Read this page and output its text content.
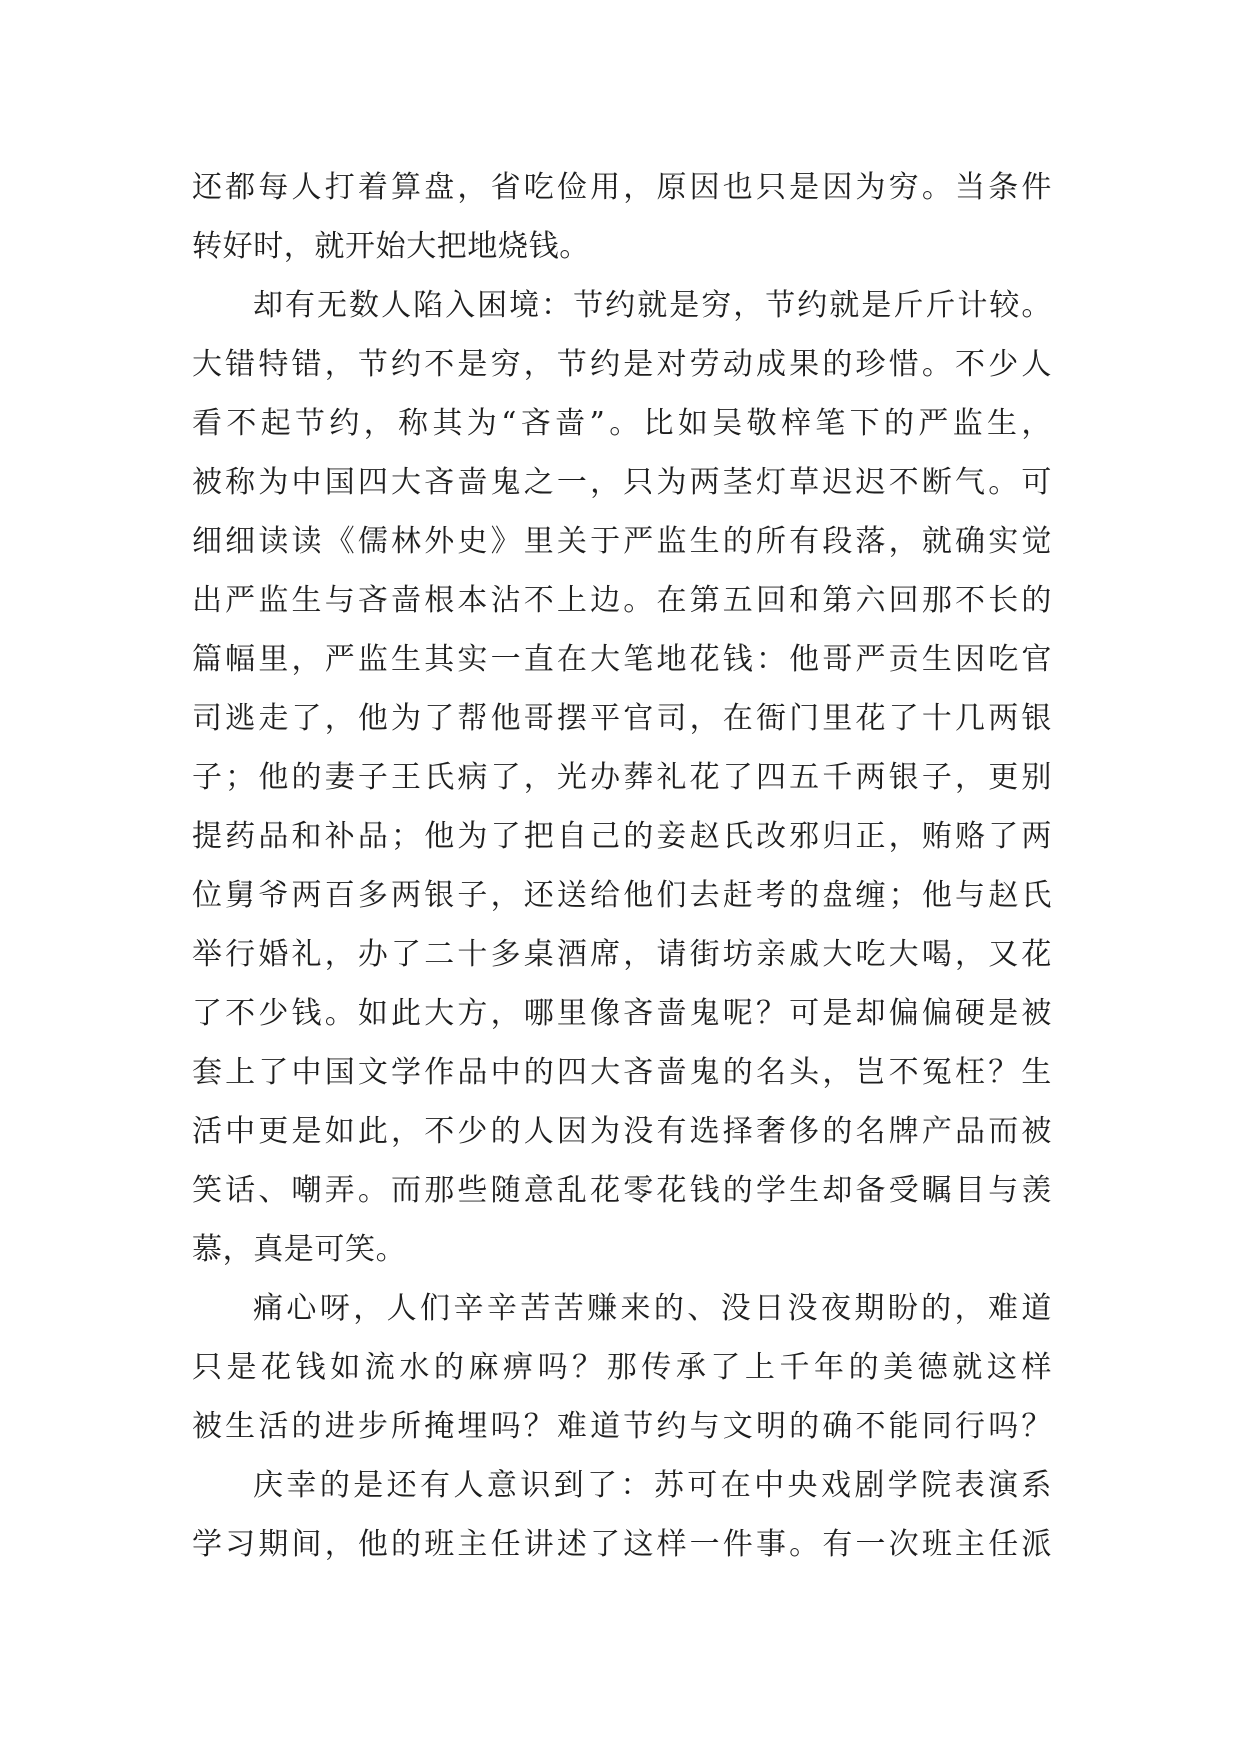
还都每人打着算盘，省吃俭用，原因也只是因为穷。当条件
转好时，就开始大把地烧钱。
却有无数人陷入困境：节约就是穷，节约就是斤斤计较。
大错特错，节约不是穷，节约是对劳动成果的珍惜。不少人
看不起节约，称其为“吝啬”。比如吴敬梓笔下的严监生，
被称为中国四大吝啬鬼之一，只为两茎灯草迟迟不断气。可
细细读读《儒林外史》里关于严监生的所有段落，就确实觉
出严监生与吝啬根本沾不上边。在第五回和第六回那不长的
篇幅里，严监生其实一直在大笔地花钱：他哥严贡生因吃官
司逃走了，他为了帮他哥摆平官司，在衙门里花了十几两银
子；他的妻子王氏病了，光办葬礼花了四五千两银子，更别
提药品和补品；他为了把自己的妾赵氏改邪归正，贿赂了两
位舅爷两百多两银子，还送给他们去赶考的盘缠；他与赵氏
举行婚礼，办了二十多桌酒席，请街坊亲戚大吃大喝，又花
了不少钱。如此大方，哪里像吝啬鬼呢？可是却偏偏硬是被
套上了中国文学作品中的四大吝啬鬼的名头，岂不冤枉？生
活中更是如此，不少的人因为没有选择奢侈的名牌产品而被
笑话、嘲弄。而那些随意乱花零花钱的学生却备受瞩目与羡
慕，真是可笑。
痛心呀，人们辛辛苦苦赚来的、没日没夜期盼的，难道
只是花钱如流水的麻痹吗？那传承了上千年的美德就这样
被生活的进步所掩埋吗？难道节约与文明的确不能同行吗？
庆幸的是还有人意识到了：苏可在中央戏剧学院表演系
学习期间，他的班主任讲述了这样一件事。有一次班主任派
